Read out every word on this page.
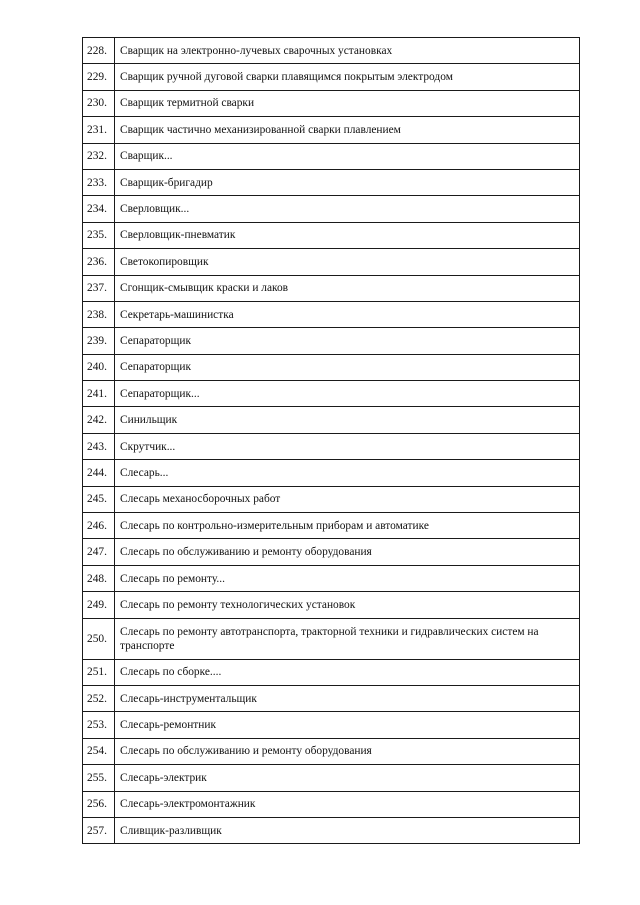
228.	Сварщик на электронно-лучевых сварочных установках
229.	Сварщик ручной дуговой сварки плавящимся покрытым электродом
230.	Сварщик термитной сварки
231.	Сварщик частично механизированной сварки плавлением
232.	Сварщик...
233.	Сварщик-бригадир
234.	Сверловщик...
235.	Сверловщик-пневматик
236.	Светокопировщик
237.	Сгонщик-смывщик краски и лаков
238.	Секретарь-машинистка
239.	Сепараторщик
240.	Сепараторщик
241.	Сепараторщик...
242.	Синильщик
243.	Скрутчик...
244.	Слесарь...
245.	Слесарь механосборочных работ
246.	Слесарь по контрольно-измерительным приборам и автоматике
247.	Слесарь по обслуживанию и ремонту оборудования
248.	Слесарь по ремонту...
249.	Слесарь по ремонту технологических установок
250.	Слесарь по ремонту автотранспорта, тракторной техники и гидравлических систем на транспорте
251.	Слесарь по сборке....
252.	Слесарь-инструментальщик
253.	Слесарь-ремонтник
254.	Слесарь по обслуживанию и ремонту оборудования
255.	Слесарь-электрик
256.	Слесарь-электромонтажник
257.	Сливщик-разливщик
